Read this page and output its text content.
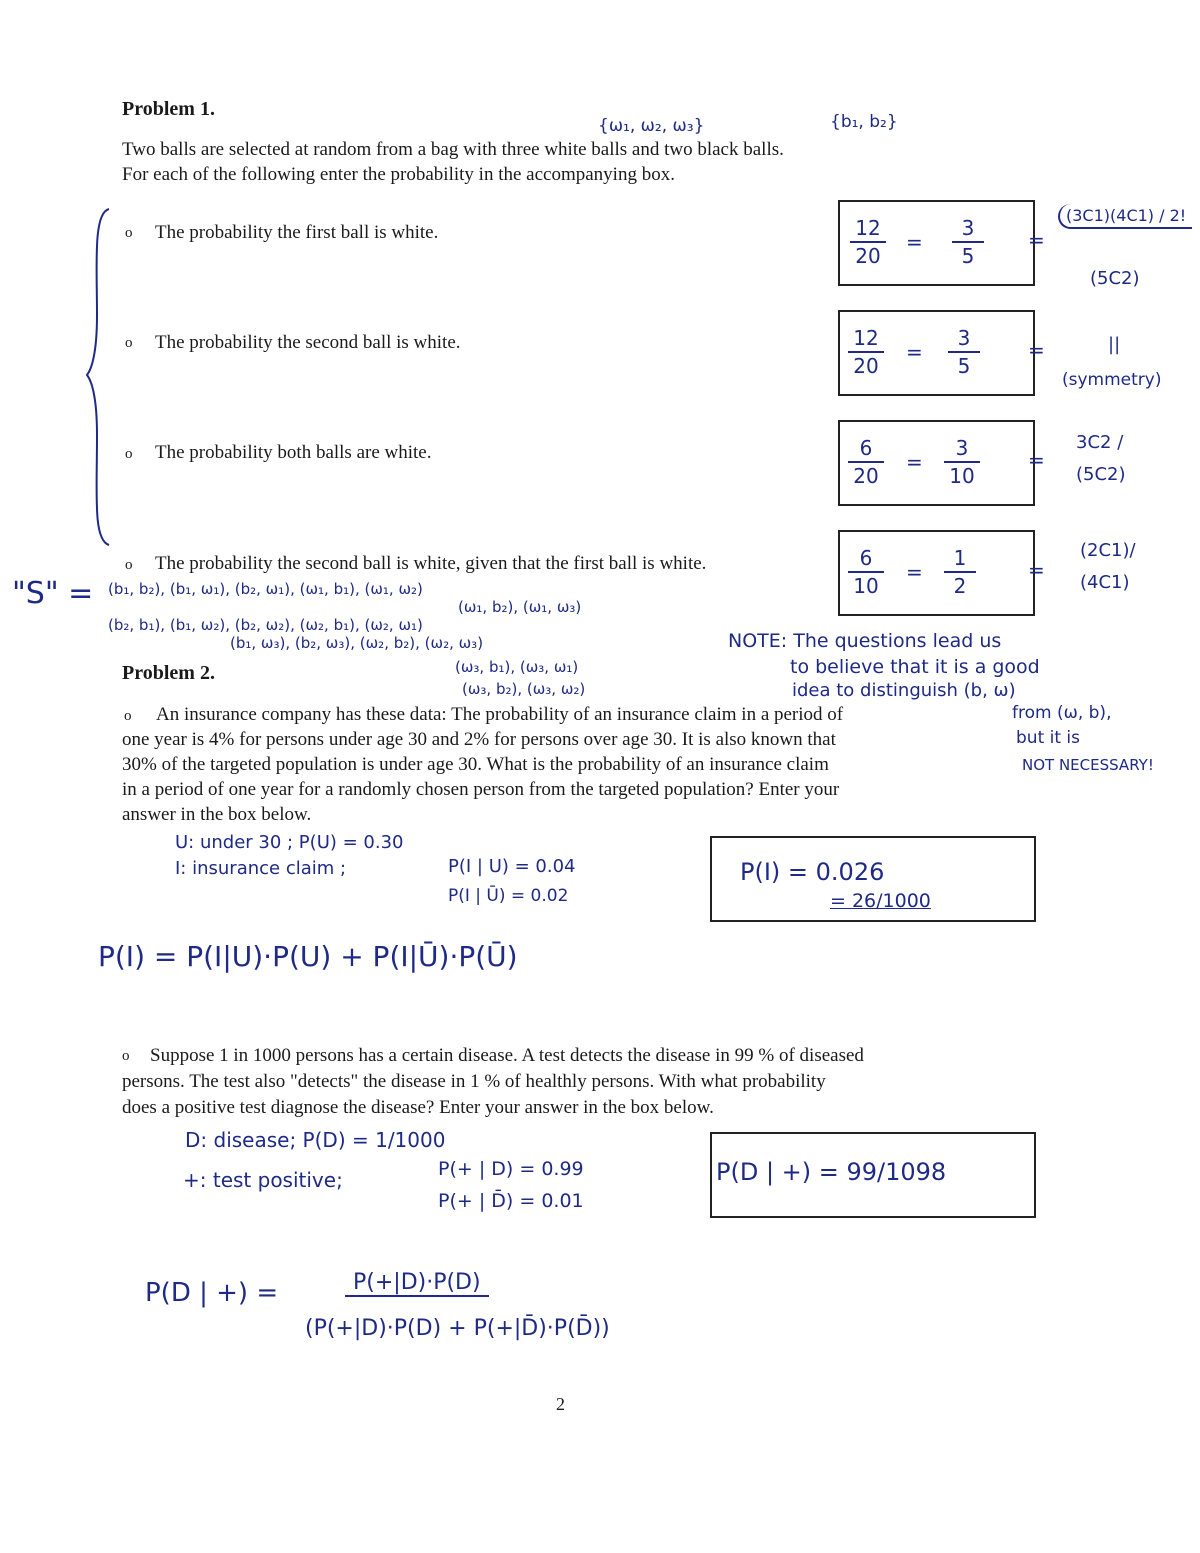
Problem 1.
{ω₁, ω₂, ω₃}	{b₁, b₂}
Two balls are selected at random from a bag with three white balls and two black balls.
For each of the following enter the probability in the accompanying box.
o The probability the first ball is white.	12
20
=
3
5
=
(3C1)(4C1) / 2!
(5C2)
o The probability the second ball is white.	12
20
=
3
5
=	||
(symmetry)
o The probability both balls are white.	6
20
=
3
10
=
3C2 /
(5C2)
o The probability the second ball is white, given that the first ball is white.	6
10
=
1
2
=
(2C1)/
(4C1)
"S" = (b₁, b₂), (b₁, ω₁), (b₂, ω₁), (ω₁, b₁), (ω₁, ω₂)
(ω₁, b₂), (ω₁, ω₃)
(b₂, b₁), (b₁, ω₂), (b₂, ω₂), (ω₂, b₁), (ω₂, ω₁)
(b₁, ω₃), (b₂, ω₃), (ω₂, b₂), (ω₂, ω₃)
(ω₃, b₁), (ω₃, ω₁)
(ω₃, b₂), (ω₃, ω₂)
NOTE: The questions lead us
to believe that it is a good
idea to distinguish (b, ω)
from (ω, b),
but it is
NOT NECESSARY!
Problem 2.
o An insurance company has these data: The probability of an insurance claim in a period of
one year is 4% for persons under age 30 and 2% for persons over age 30. It is also known that
30% of the targeted population is under age 30. What is the probability of an insurance claim
in a period of one year for a randomly chosen person from the targeted population? Enter your
answer in the box below.
U: under 30 ; P(U) = 0.30
I: insurance claim ;	P(I | U) = 0.04
P(I | Ū) = 0.02
P(I) = 0.026
= 26/1000
P(I) = P(I|U)·P(U) + P(I|Ū)·P(Ū)
o Suppose 1 in 1000 persons has a certain disease. A test detects the disease in 99 % of diseased
persons. The test also "detects" the disease in 1 % of healthly persons. With what probability
does a positive test diagnose the disease? Enter your answer in the box below.
D: disease; P(D) = 1/1000
+: test positive;	P(+ | D) = 0.99
P(+ | D̄) = 0.01
P(D | +) = 99/1098
P(D | +) =	P(+|D)·P(D)
(P(+|D)·P(D) + P(+|D̄)·P(D̄))
2
